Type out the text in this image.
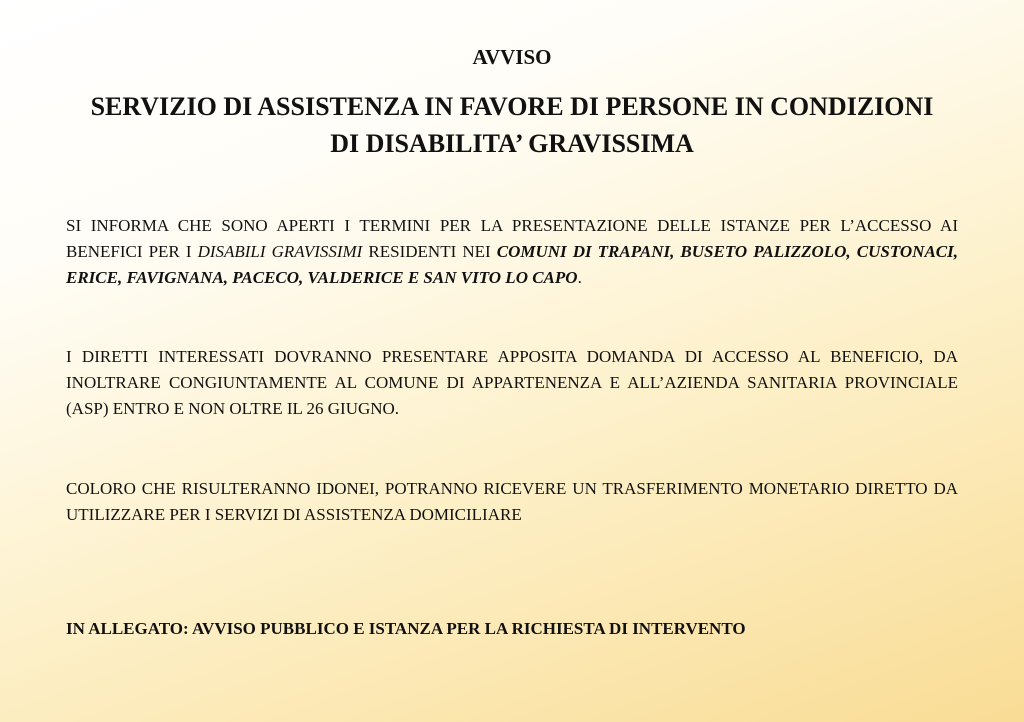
AVVISO
SERVIZIO DI ASSISTENZA IN FAVORE DI PERSONE IN CONDIZIONI
DI DISABILITA’ GRAVISSIMA

SI INFORMA CHE SONO APERTI I TERMINI PER LA PRESENTAZIONE DELLE ISTANZE PER L’ACCESSO AI BENEFICI PER I DISABILI GRAVISSIMI RESIDENTI NEI COMUNI DI TRAPANI, BUSETO PALIZZOLO, CUSTONACI, ERICE, FAVIGNANA, PACECO, VALDERICE E SAN VITO LO CAPO.

I DIRETTI INTERESSATI DOVRANNO PRESENTARE APPOSITA DOMANDA DI ACCESSO AL BENEFICIO, DA INOLTRARE CONGIUNTAMENTE AL COMUNE DI APPARTENENZA E ALL’AZIENDA SANITARIA PROVINCIALE (ASP) ENTRO E NON OLTRE IL 26 GIUGNO.

COLORO CHE RISULTERANNO IDONEI, POTRANNO RICEVERE UN TRASFERIMENTO MONETARIO DIRETTO DA UTILIZZARE PER I SERVIZI DI ASSISTENZA DOMICILIARE

IN ALLEGATO: AVVISO PUBBLICO E ISTANZA PER LA RICHIESTA DI INTERVENTO
